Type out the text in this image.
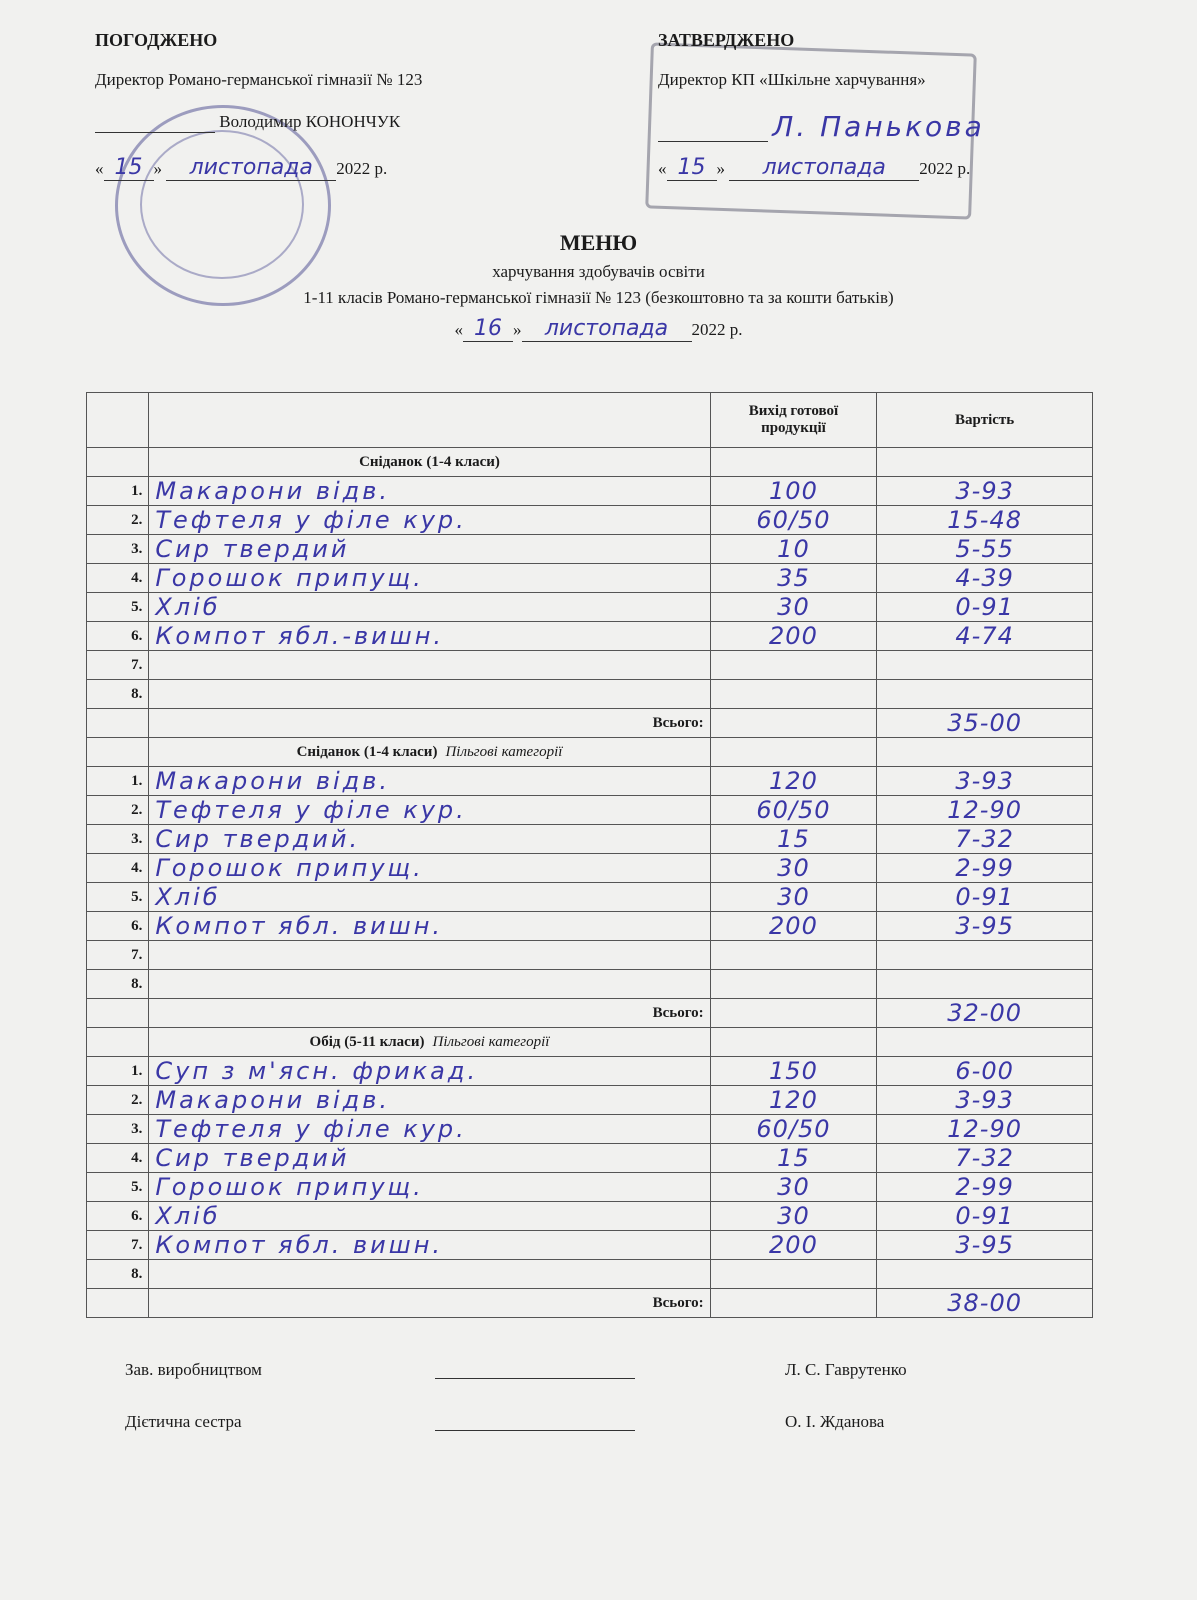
ПОГОДЖЕНО
Директор Романо-германської гімназії № 123
Володимир КОНОНЧУК
« 15 » листопада 2022 р.
ЗАТВЕРДЖЕНО
Директор КП «Шкільне харчування»
Л. Панькова
« 15 » листопада 2022 р.
МЕНЮ
харчування здобувачів освіти
1-11 класів Романо-германської гімназії № 123 (безкоштовно та за кошти батьків)
« 16 » листопада 2022 р.
		Вихід готової продукції	Вартість
	Сніданок (1-4 класи)		
1.	Макарони відв.	100	3-93
2.	Тефтеля у філе кур.	60/50	15-48
3.	Сир твердий	10	5-55
4.	Горошок припущ.	35	4-39
5.	Хліб	30	0-91
6.	Компот ябл.-вишн.	200	4-74
7.			
8.			
	Всього:		35-00
	Сніданок (1-4 класи) Пільгові категорії		
1.	Макарони відв.	120	3-93
2.	Тефтеля у філе кур.	60/50	12-90
3.	Сир твердий.	15	7-32
4.	Горошок припущ.	30	2-99
5.	Хліб	30	0-91
6.	Компот ябл. вишн.	200	3-95
7.			
8.			
	Всього:		32-00
	Обід (5-11 класи) Пільгові категорії		
1.	Суп з м'ясн. фрикад.	150	6-00
2.	Макарони відв.	120	3-93
3.	Тефтеля у філе кур.	60/50	12-90
4.	Сир твердий	15	7-32
5.	Горошок припущ.	30	2-99
6.	Хліб	30	0-91
7.	Компот ябл. вишн.	200	3-95
8.			
	Всього:		38-00
Зав. виробництвом	Л. С. Гаврутенко
Дієтична сестра	О. І. Жданова
